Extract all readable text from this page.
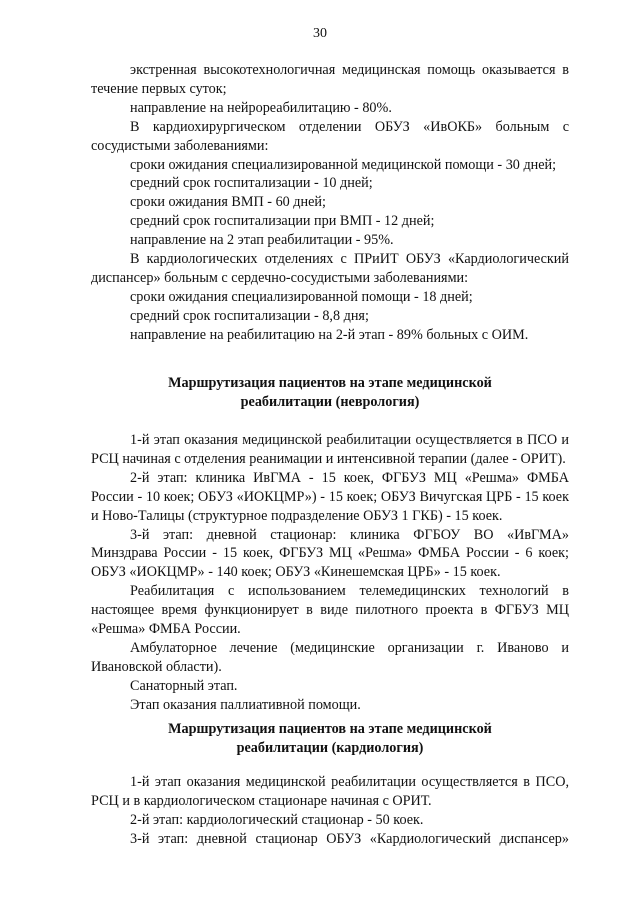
30

экстренная высокотехнологичная медицинская помощь оказывается в течение первых суток;

направление на нейрореабилитацию - 80%.

В кардиохирургическом отделении ОБУЗ «ИвОКБ» больным с сосудистыми заболеваниями:

сроки ожидания специализированной медицинской помощи - 30 дней;

средний срок госпитализации - 10 дней;

сроки ожидания ВМП - 60 дней;

средний срок госпитализации при ВМП - 12 дней;

направление на 2 этап реабилитации - 95%.

В кардиологических отделениях с ПРиИТ ОБУЗ «Кардиологический диспансер» больным с сердечно-сосудистыми заболеваниями:

сроки ожидания специализированной помощи - 18 дней;

средний срок госпитализации - 8,8 дня;

направление на реабилитацию на 2-й этап - 89% больных с ОИМ.

Маршрутизация пациентов на этапе медицинской
реабилитации (неврология)

1-й этап оказания медицинской реабилитации осуществляется в ПСО и РСЦ начиная с отделения реанимации и интенсивной терапии (далее - ОРИТ).

2-й этап: клиника ИвГМА - 15 коек, ФГБУЗ МЦ «Решма» ФМБА России - 10 коек; ОБУЗ «ИОКЦМР») - 15 коек; ОБУЗ Вичугская ЦРБ - 15 коек и Ново-Талицы (структурное подразделение ОБУЗ 1 ГКБ) - 15 коек.

3-й этап: дневной стационар: клиника ФГБОУ ВО «ИвГМА» Минздрава России - 15 коек, ФГБУЗ МЦ «Решма» ФМБА России - 6 коек; ОБУЗ «ИОКЦМР» - 140 коек; ОБУЗ «Кинешемская ЦРБ» - 15 коек.

Реабилитация с использованием телемедицинских технологий в настоящее время функционирует в виде пилотного проекта в ФГБУЗ МЦ «Решма» ФМБА России.

Амбулаторное лечение (медицинские организации г. Иваново и Ивановской области).

Санаторный этап.

Этап оказания паллиативной помощи.

Маршрутизация пациентов на этапе медицинской
реабилитации (кардиология)

1-й этап оказания медицинской реабилитации осуществляется в ПСО, РСЦ и в кардиологическом стационаре начиная с ОРИТ.

2-й этап: кардиологический стационар - 50 коек.

3-й этап: дневной стационар ОБУЗ «Кардиологический диспансер»
